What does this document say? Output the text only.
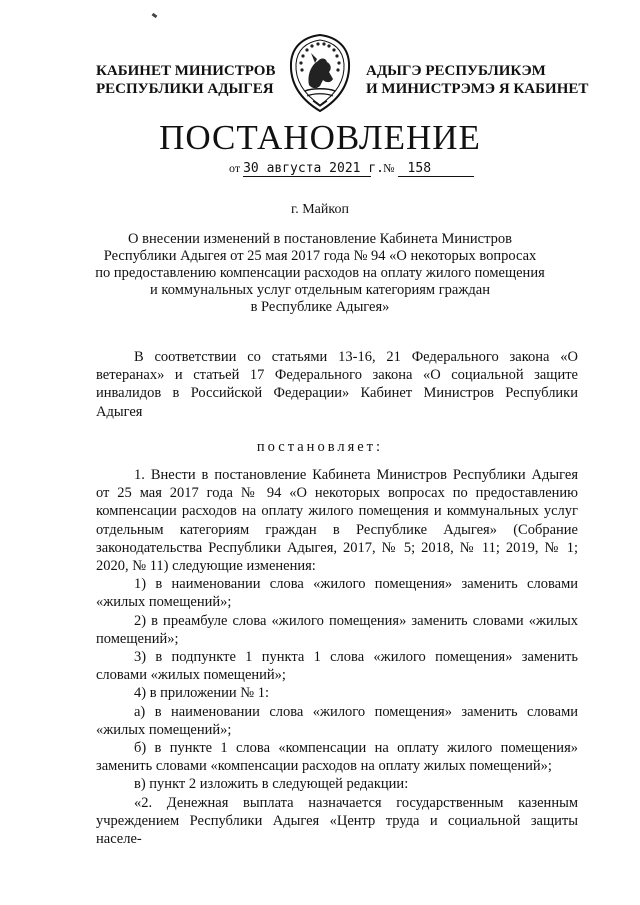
КАБИНЕТ МИНИСТРОВ
РЕСПУБЛИКИ АДЫГЕЯ
АДЫГЭ РЕСПУБЛИКЭМ
И МИНИСТРЭМЭ Я КАБИНЕТ
ПОСТАНОВЛЕНИЕ
от 30 августа 2021 г.    № 158
г. Майкоп
О внесении изменений в постановление Кабинета Министров
Республики Адыгея от 25 мая 2017 года № 94 «О некоторых вопросах
по предоставлению компенсации расходов на оплату жилого помещения
и коммунальных услуг отдельным категориям граждан
в Республике Адыгея»

В соответствии со статьями 13-16, 21 Федерального закона «О ветеранах» и статьей 17 Федерального закона «О социальной защите инвалидов в Российской Федерации» Кабинет Министров Республики Адыгея

постановляет:

1. Внести в постановление Кабинета Министров Республики Адыгея от 25 мая 2017 года № 94 «О некоторых вопросах по предоставлению компенсации расходов на оплату жилого помещения и коммунальных услуг отдельным категориям граждан в Республике Адыгея» (Собрание законодательства Республики Адыгея, 2017, № 5; 2018, № 11; 2019, № 1; 2020, № 11) следующие изменения:

1) в наименовании слова «жилого помещения» заменить словами «жилых помещений»;

2) в преамбуле слова «жилого помещения» заменить словами «жилых помещений»;

3) в подпункте 1 пункта 1 слова «жилого помещения» заменить словами «жилых помещений»;

4) в приложении № 1:

а) в наименовании слова «жилого помещения» заменить словами «жилых помещений»;

б) в пункте 1 слова «компенсации на оплату жилого помещения» заменить словами «компенсации расходов на оплату жилых помещений»;

в) пункт 2 изложить в следующей редакции:

«2. Денежная выплата назначается государственным казенным учреждением Республики Адыгея «Центр труда и социальной защиты населе-
